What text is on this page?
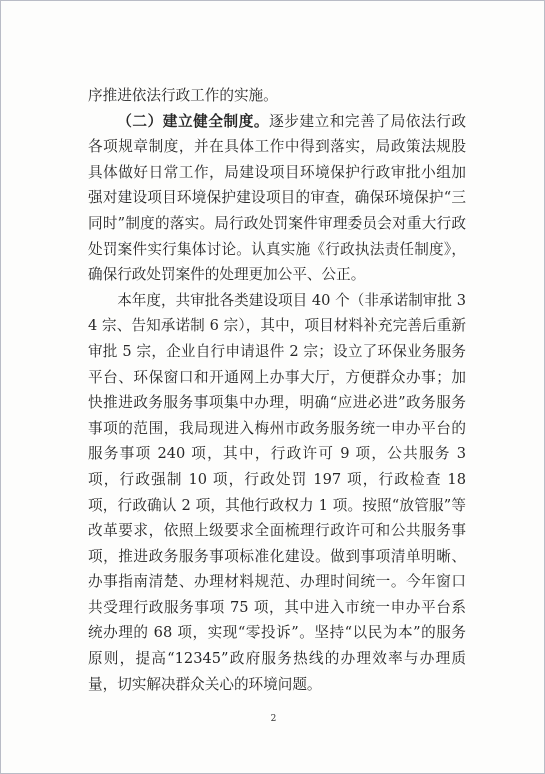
序推进依法行政工作的实施。

（二）建立健全制度。逐步建立和完善了局依法行政各项规章制度，并在具体工作中得到落实，局政策法规股具体做好日常工作，局建设项目环境保护行政审批小组加强对建设项目环境保护建设项目的审查，确保环境保护“三同时”制度的落实。局行政处罚案件审理委员会对重大行政处罚案件实行集体讨论。认真实施《行政执法责任制度》，确保行政处罚案件的处理更加公平、公正。

本年度，共审批各类建设项目 40 个（非承诺制审批 34 宗、告知承诺制 6 宗），其中，项目材料补充完善后重新审批 5 宗，企业自行申请退件 2 宗；设立了环保业务服务平台、环保窗口和开通网上办事大厅，方便群众办事；加快推进政务服务事项集中办理，明确“应进必进”政务服务事项的范围，我局现进入梅州市政务服务统一申办平台的服务事项 240 项，其中，行政许可 9 项，公共服务 3 项，行政强制 10 项，行政处罚 197 项，行政检查 18 项，行政确认 2 项，其他行政权力 1 项。按照“放管服”等改革要求，依照上级要求全面梳理行政许可和公共服务事项，推进政务服务事项标准化建设。做到事项清单明晰、办事指南清楚、办理材料规范、办理时间统一。今年窗口共受理行政服务事项 75 项，其中进入市统一申办平台系统办理的 68 项，实现“零投诉”。坚持“以民为本”的服务原则，提高“12345”政府服务热线的办理效率与办理质量，切实解决群众关心的环境问题。

2
